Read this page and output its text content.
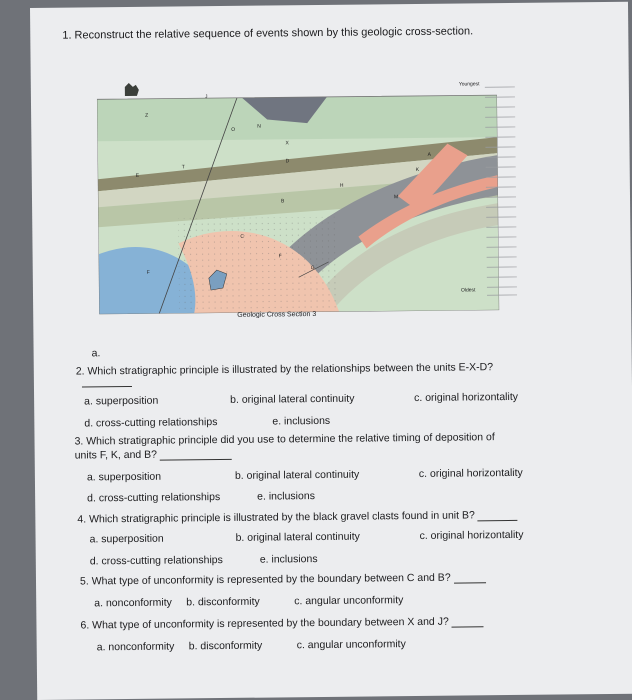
1. Reconstruct the relative sequence of events shown by this geologic cross-section.
Z
N
O
X
D
T
E
H
B
M
A
C
F
G
F
J
K
Youngest
Oldest
Geologic Cross Section 3
a.
2. Which stratigraphic principle is illustrated by the relationships between the units E-X-D?
a. superposition	b. original lateral continuity	c. original horizontality
d. cross-cutting relationships	e. inclusions
3. Which stratigraphic principle did you use to determine the relative timing of deposition of
units F, K, and B?
a. superposition	b. original lateral continuity	c. original horizontality
d. cross-cutting relationships	e. inclusions
4. Which stratigraphic principle is illustrated by the black gravel clasts found in unit B?
a. superposition	b. original lateral continuity	c. original horizontality
d. cross-cutting relationships	e. inclusions
5. What type of unconformity is represented by the boundary between C and B?
a. nonconformity b. disconformity	c. angular unconformity
6. What type of unconformity is represented by the boundary between X and J?
a. nonconformity b. disconformity	c. angular unconformity
